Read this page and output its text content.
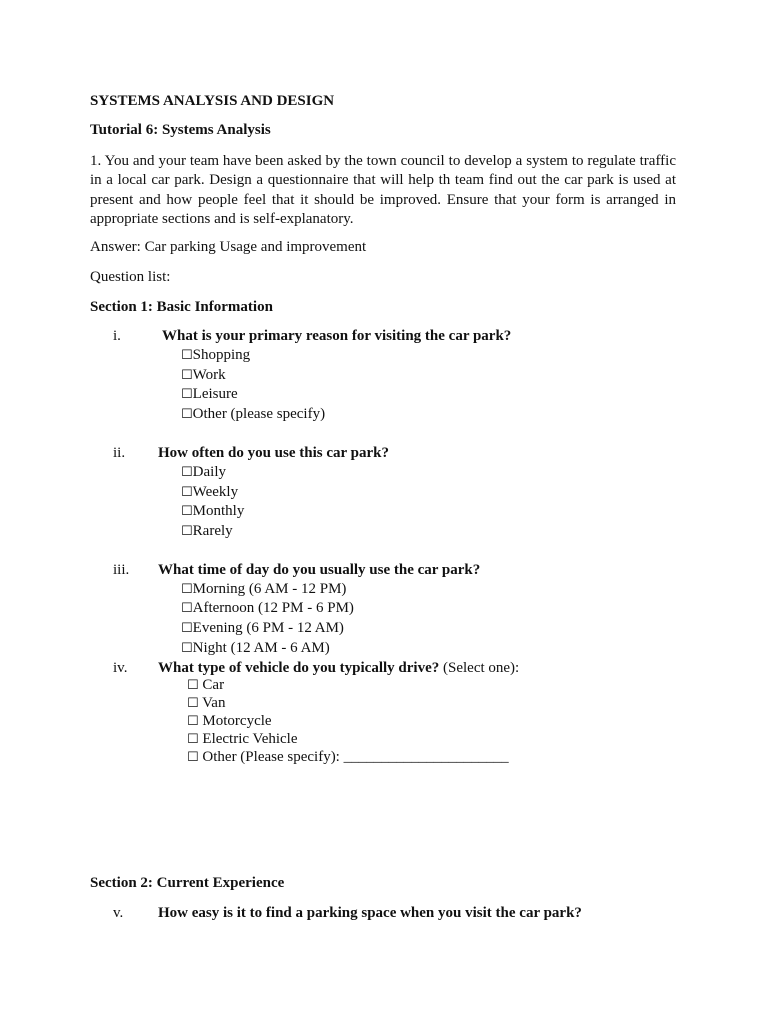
SYSTEMS ANALYSIS AND DESIGN
Tutorial 6: Systems Analysis
1. You and your team have been asked by the town council to develop a system to regulate traffic in a local car park. Design a questionnaire that will help th team find out the car park is used at present and how people feel that it should be improved. Ensure that your form is arranged in appropriate sections and is self-explanatory.
Answer: Car parking Usage and improvement
Question list:
Section 1: Basic Information
i.	What is your primary reason for visiting the car park?
☐Shopping
☐Work
☐Leisure
☐Other (please specify)
ii. How often do you use this car park?
☐Daily
☐Weekly
☐Monthly
☐Rarely
iii. What time of day do you usually use the car park?
☐Morning (6 AM - 12 PM)
☐Afternoon (12 PM - 6 PM)
☐Evening (6 PM - 12 AM)
☐Night (12 AM - 6 AM)
iv. What type of vehicle do you typically drive? (Select one):
☐ Car
☐ Van
☐ Motorcycle
☐ Electric Vehicle
☐ Other (Please specify): ______________________
Section 2: Current Experience
v. How easy is it to find a parking space when you visit the car park?
